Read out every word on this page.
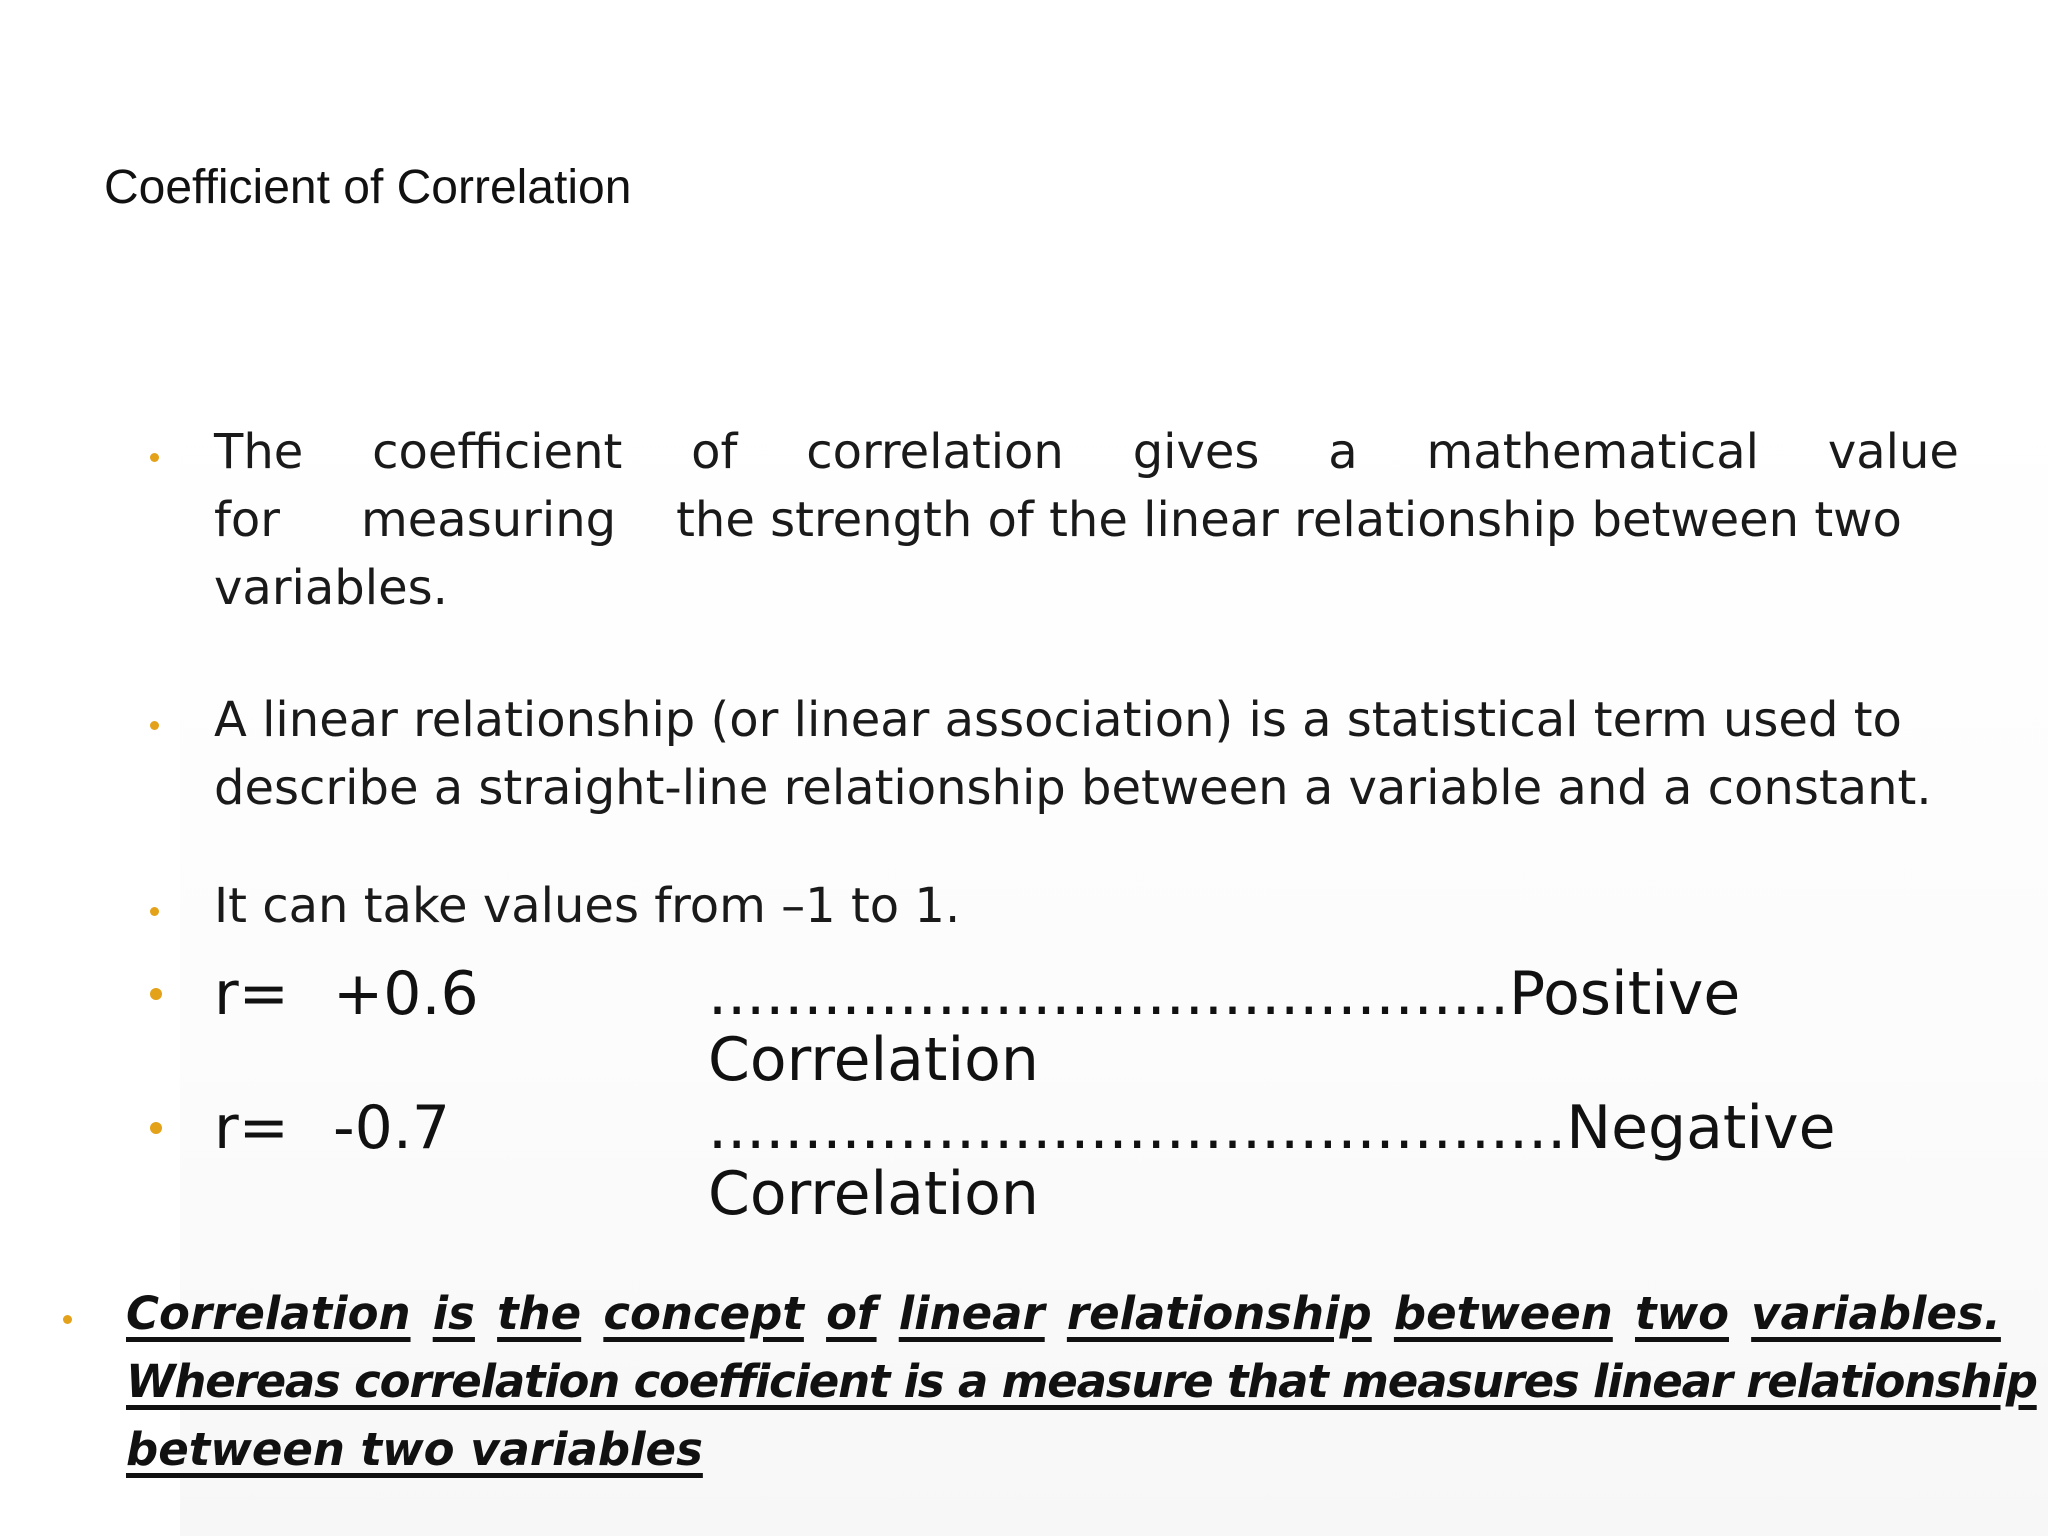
Coefficient of Correlation
The coefficient of correlation gives a mathematical value
for	measuring the strength of the linear relationship between two
variables.
A linear relationship (or linear association) is a statistical term used to
describe a straight-line relationship between a variable and a constant.
It can take values from –1 to 1.
r= +0.6	..........................................Positive
Correlation
r= -0.7	.............................................Negative
Correlation
Correlation is the concept of linear relationship between two variables.
Whereas correlation coefficient is a measure that measures linear relationship
between two variables
